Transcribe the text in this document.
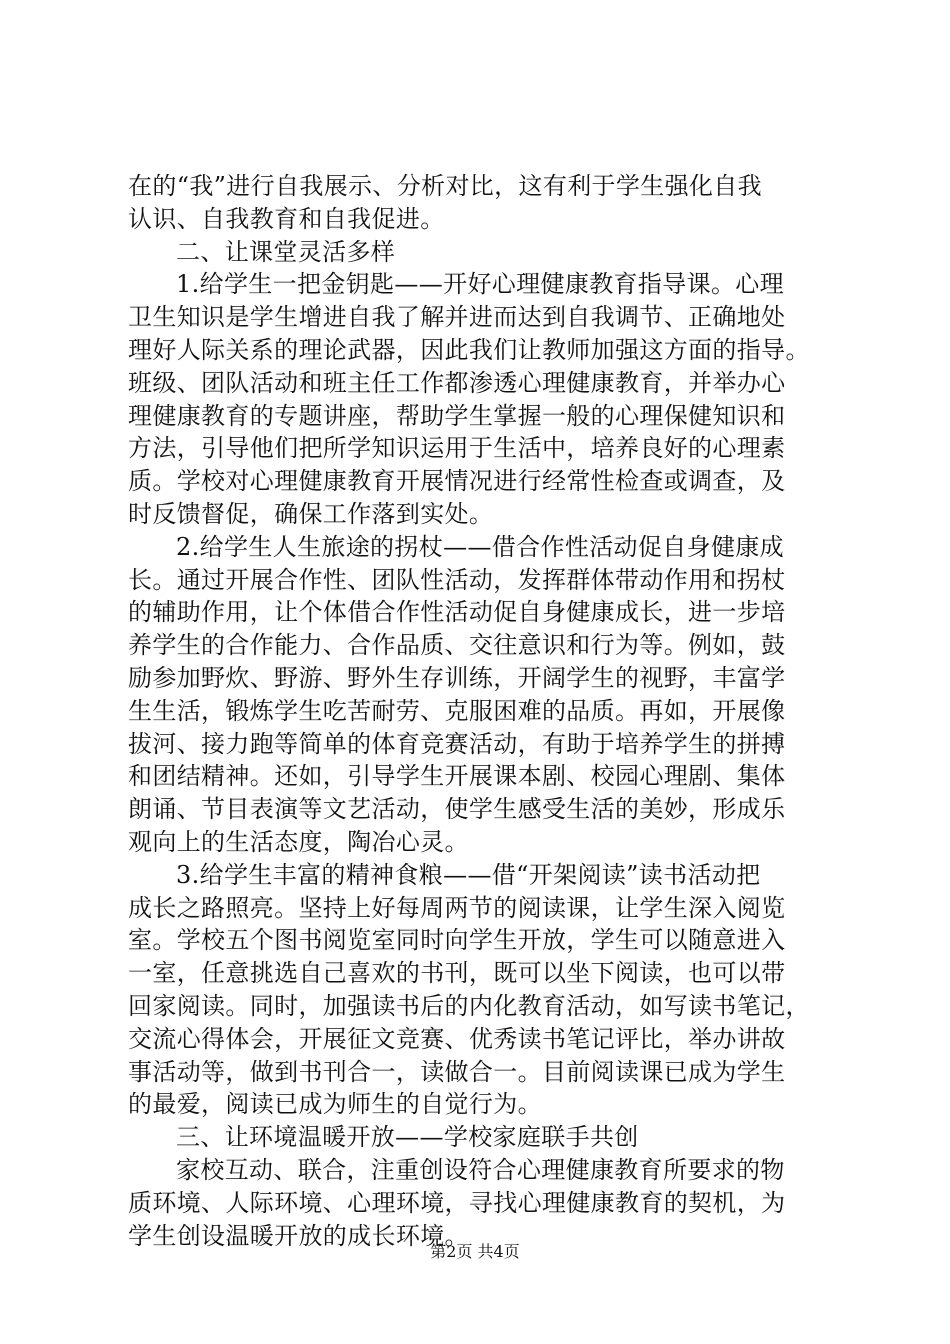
在的“我”进行自我展示、分析对比，这有利于学生强化自我
认识、自我教育和自我促进。
二、让课堂灵活多样
1.给学生一把金钥匙——开好心理健康教育指导课。心理
卫生知识是学生增进自我了解并进而达到自我调节、正确地处
理好人际关系的理论武器，因此我们让教师加强这方面的指导。
班级、团队活动和班主任工作都渗透心理健康教育，并举办心
理健康教育的专题讲座，帮助学生掌握一般的心理保健知识和
方法，引导他们把所学知识运用于生活中，培养良好的心理素
质。学校对心理健康教育开展情况进行经常性检查或调查，及
时反馈督促，确保工作落到实处。
2.给学生人生旅途的拐杖——借合作性活动促自身健康成
长。通过开展合作性、团队性活动，发挥群体带动作用和拐杖
的辅助作用，让个体借合作性活动促自身健康成长，进一步培
养学生的合作能力、合作品质、交往意识和行为等。例如，鼓
励参加野炊、野游、野外生存训练，开阔学生的视野，丰富学
生生活，锻炼学生吃苦耐劳、克服困难的品质。再如，开展像
拔河、接力跑等简单的体育竞赛活动，有助于培养学生的拼搏
和团结精神。还如，引导学生开展课本剧、校园心理剧、集体
朗诵、节目表演等文艺活动，使学生感受生活的美妙，形成乐
观向上的生活态度，陶冶心灵。
3.给学生丰富的精神食粮——借“开架阅读”读书活动把
成长之路照亮。坚持上好每周两节的阅读课，让学生深入阅览
室。学校五个图书阅览室同时向学生开放，学生可以随意进入
一室，任意挑选自己喜欢的书刊，既可以坐下阅读，也可以带
回家阅读。同时，加强读书后的内化教育活动，如写读书笔记，
交流心得体会，开展征文竞赛、优秀读书笔记评比，举办讲故
事活动等，做到书刊合一，读做合一。目前阅读课已成为学生
的最爱，阅读已成为师生的自觉行为。
三、让环境温暖开放——学校家庭联手共创
家校互动、联合，注重创设符合心理健康教育所要求的物
质环境、人际环境、心理环境，寻找心理健康教育的契机，为
学生创设温暖开放的成长环境。
第2页 共4页
